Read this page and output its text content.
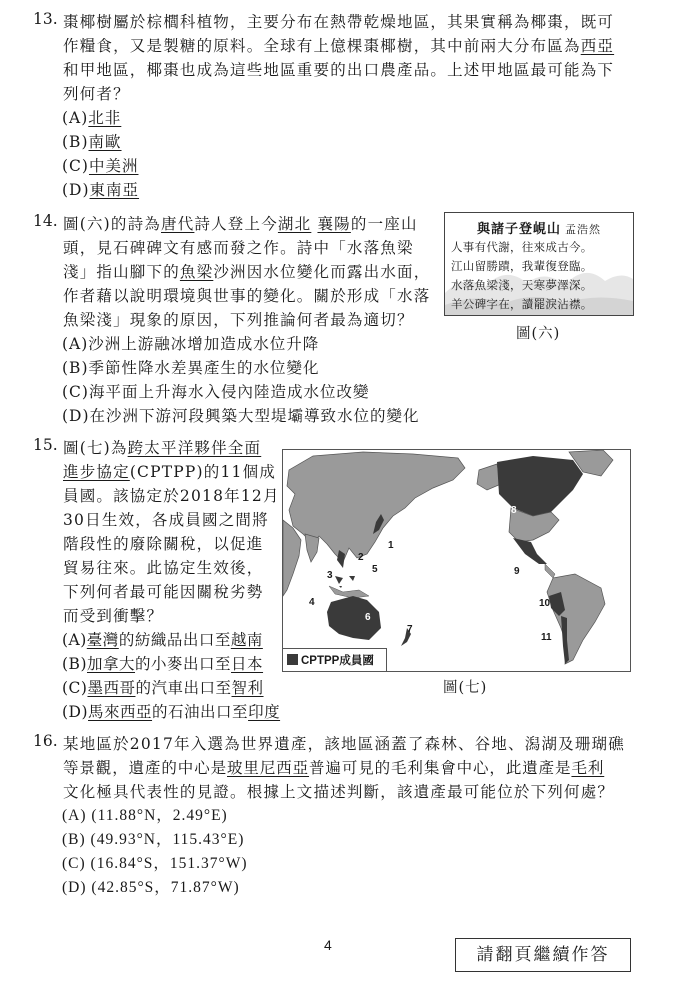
13. 棗椰樹屬於棕櫚科植物，主要分布在熱帶乾燥地區，其果實稱為椰棗，既可
作糧食，又是製糖的原料。全球有上億棵棗椰樹，其中前兩大分布區為西亞
和甲地區，椰棗也成為這些地區重要的出口農產品。上述甲地區最可能為下
列何者？
(A)北非
(B)南歐
(C)中美洲
(D)東南亞
14. 圖(六)的詩為唐代詩人登上今湖北 襄陽的一座山
頭，見石碑碑文有感而發之作。詩中「水落魚梁
淺」指山腳下的魚梁沙洲因水位變化而露出水面，
作者藉以說明環境與世事的變化。關於形成「水落
魚梁淺」現象的原因，下列推論何者最為適切？
(A)沙洲上游融冰增加造成水位升降
(B)季節性降水差異產生的水位變化
(C)海平面上升海水入侵內陸造成水位改變
(D)在沙洲下游河段興築大型堤壩導致水位的變化
與諸子登峴山 孟浩然
人事有代謝，往來成古今。
江山留勝蹟，我輩復登臨。
水落魚梁淺，天寒夢澤深。
羊公碑字在，讀罷淚沾襟。
圖(六)
15. 圖(七)為跨太平洋夥伴全面
進步協定(CPTPP)的11個成
員國。該協定於2018年12月
30日生效，各成員國之間將
階段性的廢除關稅，以促進
貿易往來。此協定生效後，
下列何者最可能因關稅劣勢
而受到衝擊？
(A)臺灣的紡織品出口至越南
(B)加拿大的小麥出口至日本
(C)墨西哥的汽車出口至智利
(D)馬來西亞的石油出口至印度
1
2
3
4
5
6
7
8
9
10
11
CPTPP成員國
圖(七)
16. 某地區於2017年入選為世界遺產，該地區涵蓋了森林、谷地、潟湖及珊瑚礁
等景觀，遺產的中心是玻里尼西亞普遍可見的毛利集會中心，此遺產是毛利
文化極具代表性的見證。根據上文描述判斷，該遺產最可能位於下列何處？
(A) (11.88°N，2.49°E)
(B) (49.93°N，115.43°E)
(C) (16.84°S，151.37°W)
(D) (42.85°S，71.87°W)
4	請翻頁繼續作答
